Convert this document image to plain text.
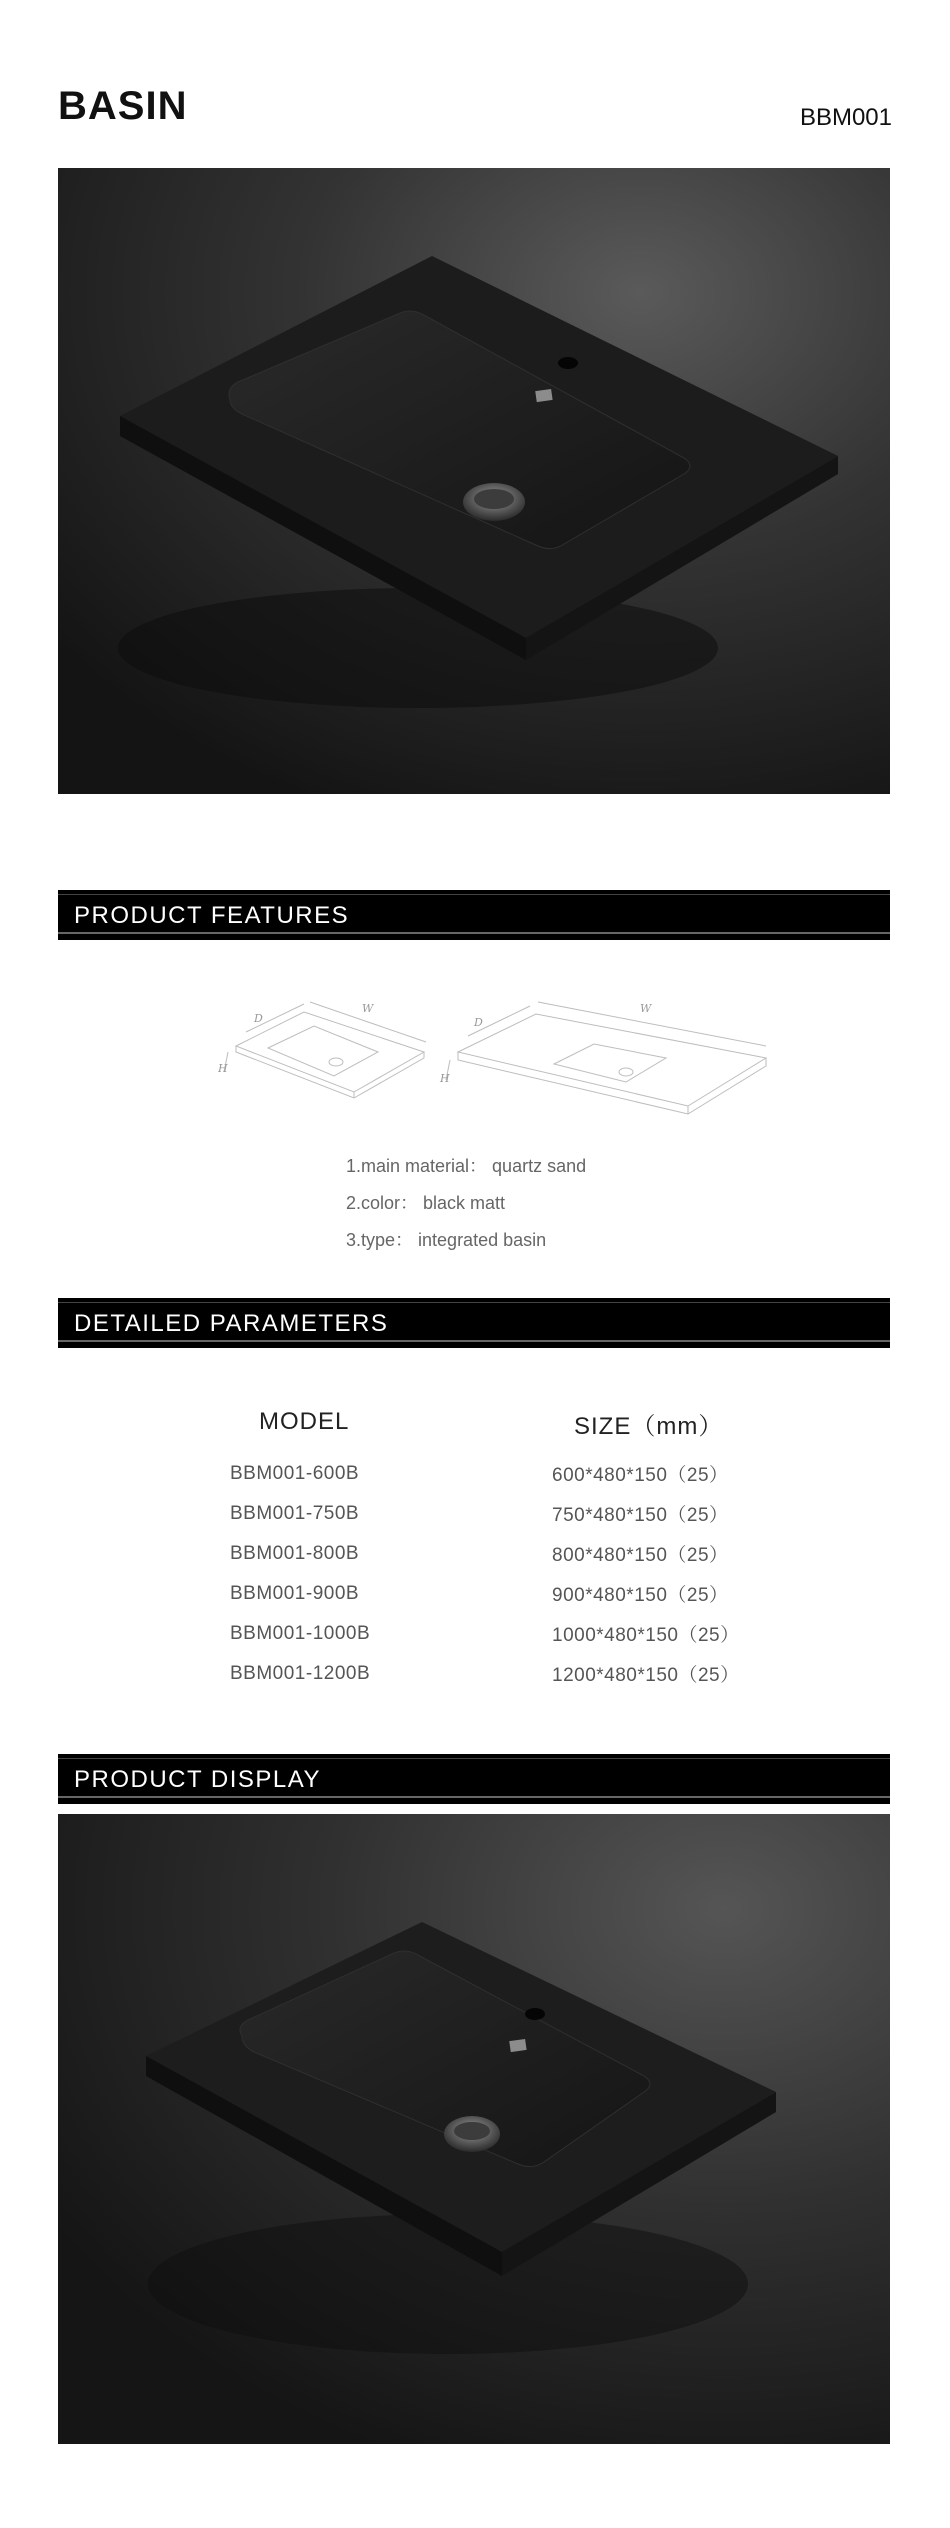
BASIN	BBM001
PRODUCT FEATURES
W
D
H
W
D
H
1.main material： quartz sand
2.color： black matt
3.type： integrated basin
DETAILED PARAMETERS
MODEL	SIZE（mm）
BBM001-600B	600*480*150（25）
BBM001-750B	750*480*150（25）
BBM001-800B	800*480*150（25）
BBM001-900B	900*480*150（25）
BBM001-1000B	1000*480*150（25）
BBM001-1200B	1200*480*150（25）
PRODUCT DISPLAY
